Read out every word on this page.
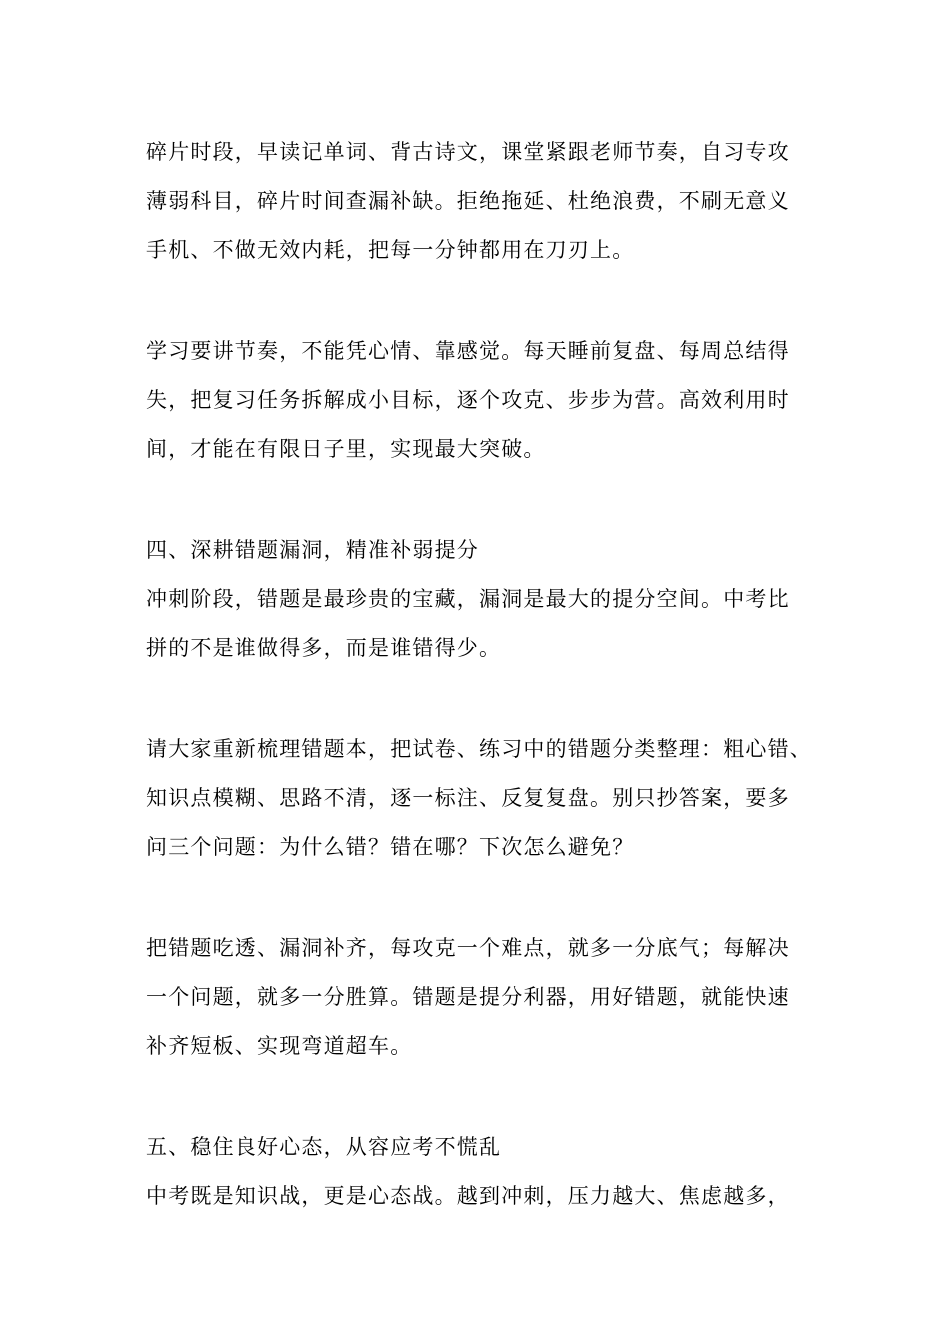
碎片时段，早读记单词、背古诗文，课堂紧跟老师节奏，自习专攻
薄弱科目，碎片时间查漏补缺。拒绝拖延、杜绝浪费，不刷无意义
手机、不做无效内耗，把每一分钟都用在刀刃上。
学习要讲节奏，不能凭心情、靠感觉。每天睡前复盘、每周总结得
失，把复习任务拆解成小目标，逐个攻克、步步为营。高效利用时
间，才能在有限日子里，实现最大突破。
四、深耕错题漏洞，精准补弱提分
冲刺阶段，错题是最珍贵的宝藏，漏洞是最大的提分空间。中考比
拼的不是谁做得多，而是谁错得少。
请大家重新梳理错题本，把试卷、练习中的错题分类整理：粗心错、
知识点模糊、思路不清，逐一标注、反复复盘。别只抄答案，要多
问三个问题：为什么错？错在哪？下次怎么避免？
把错题吃透、漏洞补齐，每攻克一个难点，就多一分底气；每解决
一个问题，就多一分胜算。错题是提分利器，用好错题，就能快速
补齐短板、实现弯道超车。
五、稳住良好心态，从容应考不慌乱
中考既是知识战，更是心态战。越到冲刺，压力越大、焦虑越多，
